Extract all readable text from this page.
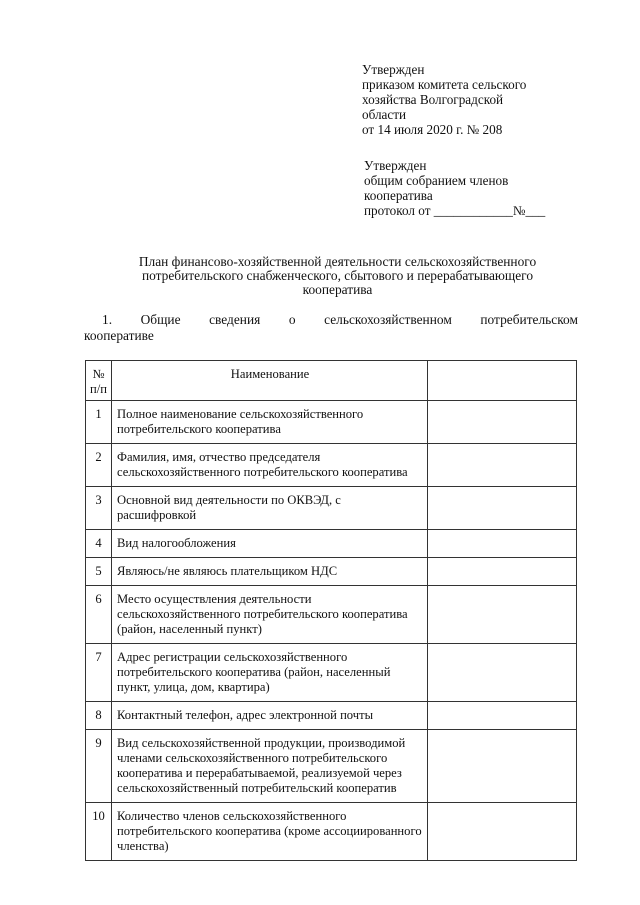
Утвержден
приказом комитета сельского
хозяйства Волгоградской
области
от 14 июля 2020 г. № 208
Утвержден
общим собранием членов
кооператива
протокол от ____________№___
План финансово-хозяйственной деятельности сельскохозяйственного
потребительского снабженческого, сбытового и перерабатывающего
кооператива
1. Общие сведения о сельскохозяйственном потребительском
кооперативе
№
п/п	Наименование	
1	Полное наименование сельскохозяйственного потребительского кооператива	
2	Фамилия, имя, отчество председателя сельскохозяйственного потребительского кооператива	
3	Основной вид деятельности по ОКВЭД, с расшифровкой	
4	Вид налогообложения	
5	Являюсь/не являюсь плательщиком НДС	
6	Место осуществления деятельности сельскохозяйственного потребительского кооператива (район, населенный пункт)	
7	Адрес регистрации сельскохозяйственного потребительского кооператива (район, населенный пункт, улица, дом, квартира)	
8	Контактный телефон, адрес электронной почты	
9	Вид сельскохозяйственной продукции, производимой членами сельскохозяйственного потребительского кооператива и перерабатываемой, реализуемой через сельскохозяйственный потребительский кооператив	
10	Количество членов сельскохозяйственного потребительского кооператива (кроме ассоциированного членства)	
